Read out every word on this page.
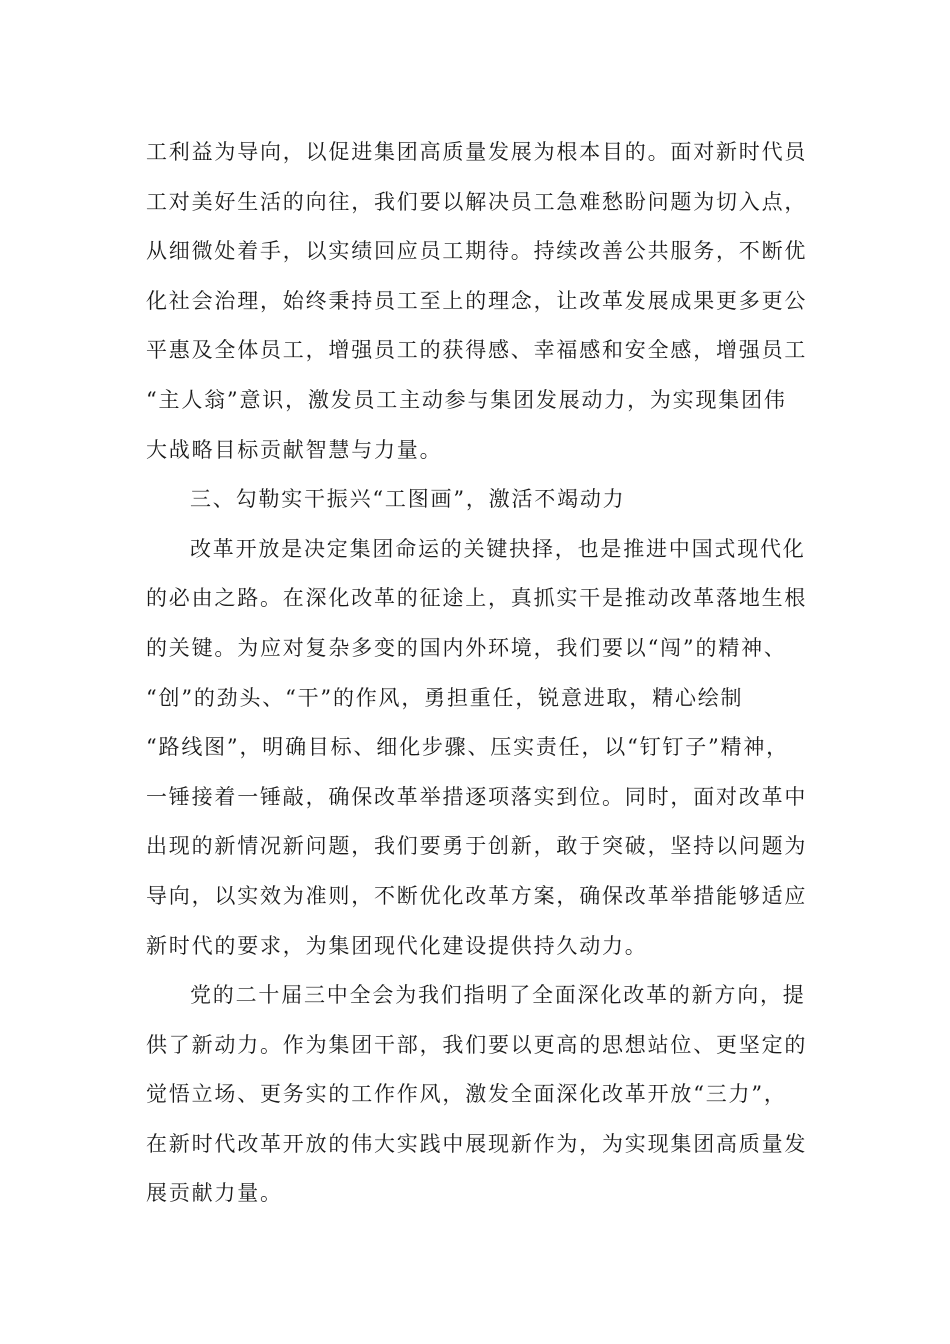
工利益为导向，以促进集团高质量发展为根本目的。面对新时代员
工对美好生活的向往，我们要以解决员工急难愁盼问题为切入点，
从细微处着手，以实绩回应员工期待。持续改善公共服务，不断优
化社会治理，始终秉持员工至上的理念，让改革发展成果更多更公
平惠及全体员工，增强员工的获得感、幸福感和安全感，增强员工
“主人翁”意识，激发员工主动参与集团发展动力，为实现集团伟
大战略目标贡献智慧与力量。
三、勾勒实干振兴“工图画”，激活不竭动力
改革开放是决定集团命运的关键抉择，也是推进中国式现代化
的必由之路。在深化改革的征途上，真抓实干是推动改革落地生根
的关键。为应对复杂多变的国内外环境，我们要以“闯”的精神、
“创”的劲头、“干”的作风，勇担重任，锐意进取，精心绘制
“路线图”，明确目标、细化步骤、压实责任，以“钉钉子”精神，
一锤接着一锤敲，确保改革举措逐项落实到位。同时，面对改革中
出现的新情况新问题，我们要勇于创新，敢于突破，坚持以问题为
导向，以实效为准则，不断优化改革方案，确保改革举措能够适应
新时代的要求，为集团现代化建设提供持久动力。
党的二十届三中全会为我们指明了全面深化改革的新方向，提
供了新动力。作为集团干部，我们要以更高的思想站位、更坚定的
觉悟立场、更务实的工作作风，激发全面深化改革开放“三力”，
在新时代改革开放的伟大实践中展现新作为，为实现集团高质量发
展贡献力量。
